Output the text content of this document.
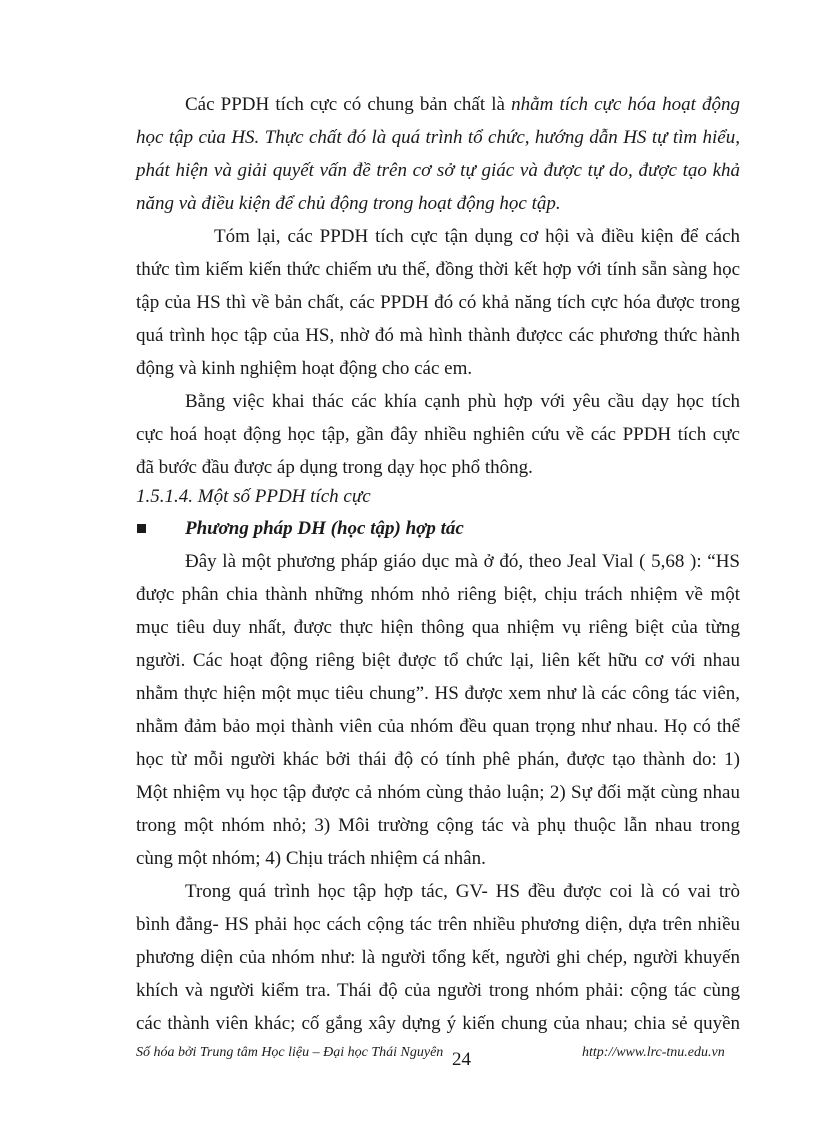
Các PPDH tích cực có chung bản chất là nhằm tích cực hóa hoạt động
học tập của HS. Thực chất đó là quá trình tổ chức, hướng dẫn HS tự tìm hiểu,
phát hiện và giải quyết vấn đề trên cơ sở tự giác và được tự do, được tạo khả
năng và điều kiện để chủ động trong hoạt động học tập.
Tóm lại, các PPDH tích cực tận dụng cơ hội và điều kiện để cách
thức tìm kiếm kiến thức chiếm ưu thế, đồng thời kết hợp với tính sẵn sàng học
tập của HS thì về bản chất, các PPDH đó có khả năng tích cực hóa được trong
quá trình học tập của HS, nhờ đó mà hình thành đượcc các phương thức hành
động và kinh nghiệm hoạt động cho các em.
Bằng việc khai thác các khía cạnh phù hợp với yêu cầu dạy học tích
cực hoá hoạt động học tập, gần đây nhiều nghiên cứu về các PPDH tích cực
đã bước đầu được áp dụng trong dạy học phổ thông.
1.5.1.4. Một số PPDH tích cực
Phương pháp DH (học tập) hợp tác
Đây là một phương pháp giáo dục mà ở đó, theo Jeal Vial ( 5,68 ): “HS
được phân chia thành những nhóm nhỏ riêng biệt, chịu trách nhiệm về một
mục tiêu duy nhất, được thực hiện thông qua nhiệm vụ riêng biệt của từng
người. Các hoạt động riêng biệt được tổ chức lại, liên kết hữu cơ với nhau
nhằm thực hiện một mục tiêu chung”. HS được xem như là các công tác viên,
nhằm đảm bảo mọi thành viên của nhóm đều quan trọng như nhau. Họ có thể
học từ mỗi người khác bởi thái độ có tính phê phán, được tạo thành do: 1)
Một nhiệm vụ học tập được cả nhóm cùng thảo luận; 2) Sự đối mặt cùng nhau
trong một nhóm nhỏ; 3) Môi trường cộng tác và phụ thuộc lẫn nhau trong
cùng một nhóm; 4) Chịu trách nhiệm cá nhân.
Trong quá trình học tập hợp tác, GV- HS đều được coi là có vai trò
bình đẳng- HS phải học cách cộng tác trên nhiều phương diện, dựa trên nhiều
phương diện của nhóm như: là người tổng kết, người ghi chép, người khuyến
khích và người kiểm tra. Thái độ của người trong nhóm phải: cộng tác cùng
các thành viên khác; cố gắng xây dựng ý kiến chung của nhau; chia sẻ quyền
Số hóa bởi Trung tâm Học liệu – Đại học Thái Nguyên 24	http://www.lrc-tnu.edu.vn
